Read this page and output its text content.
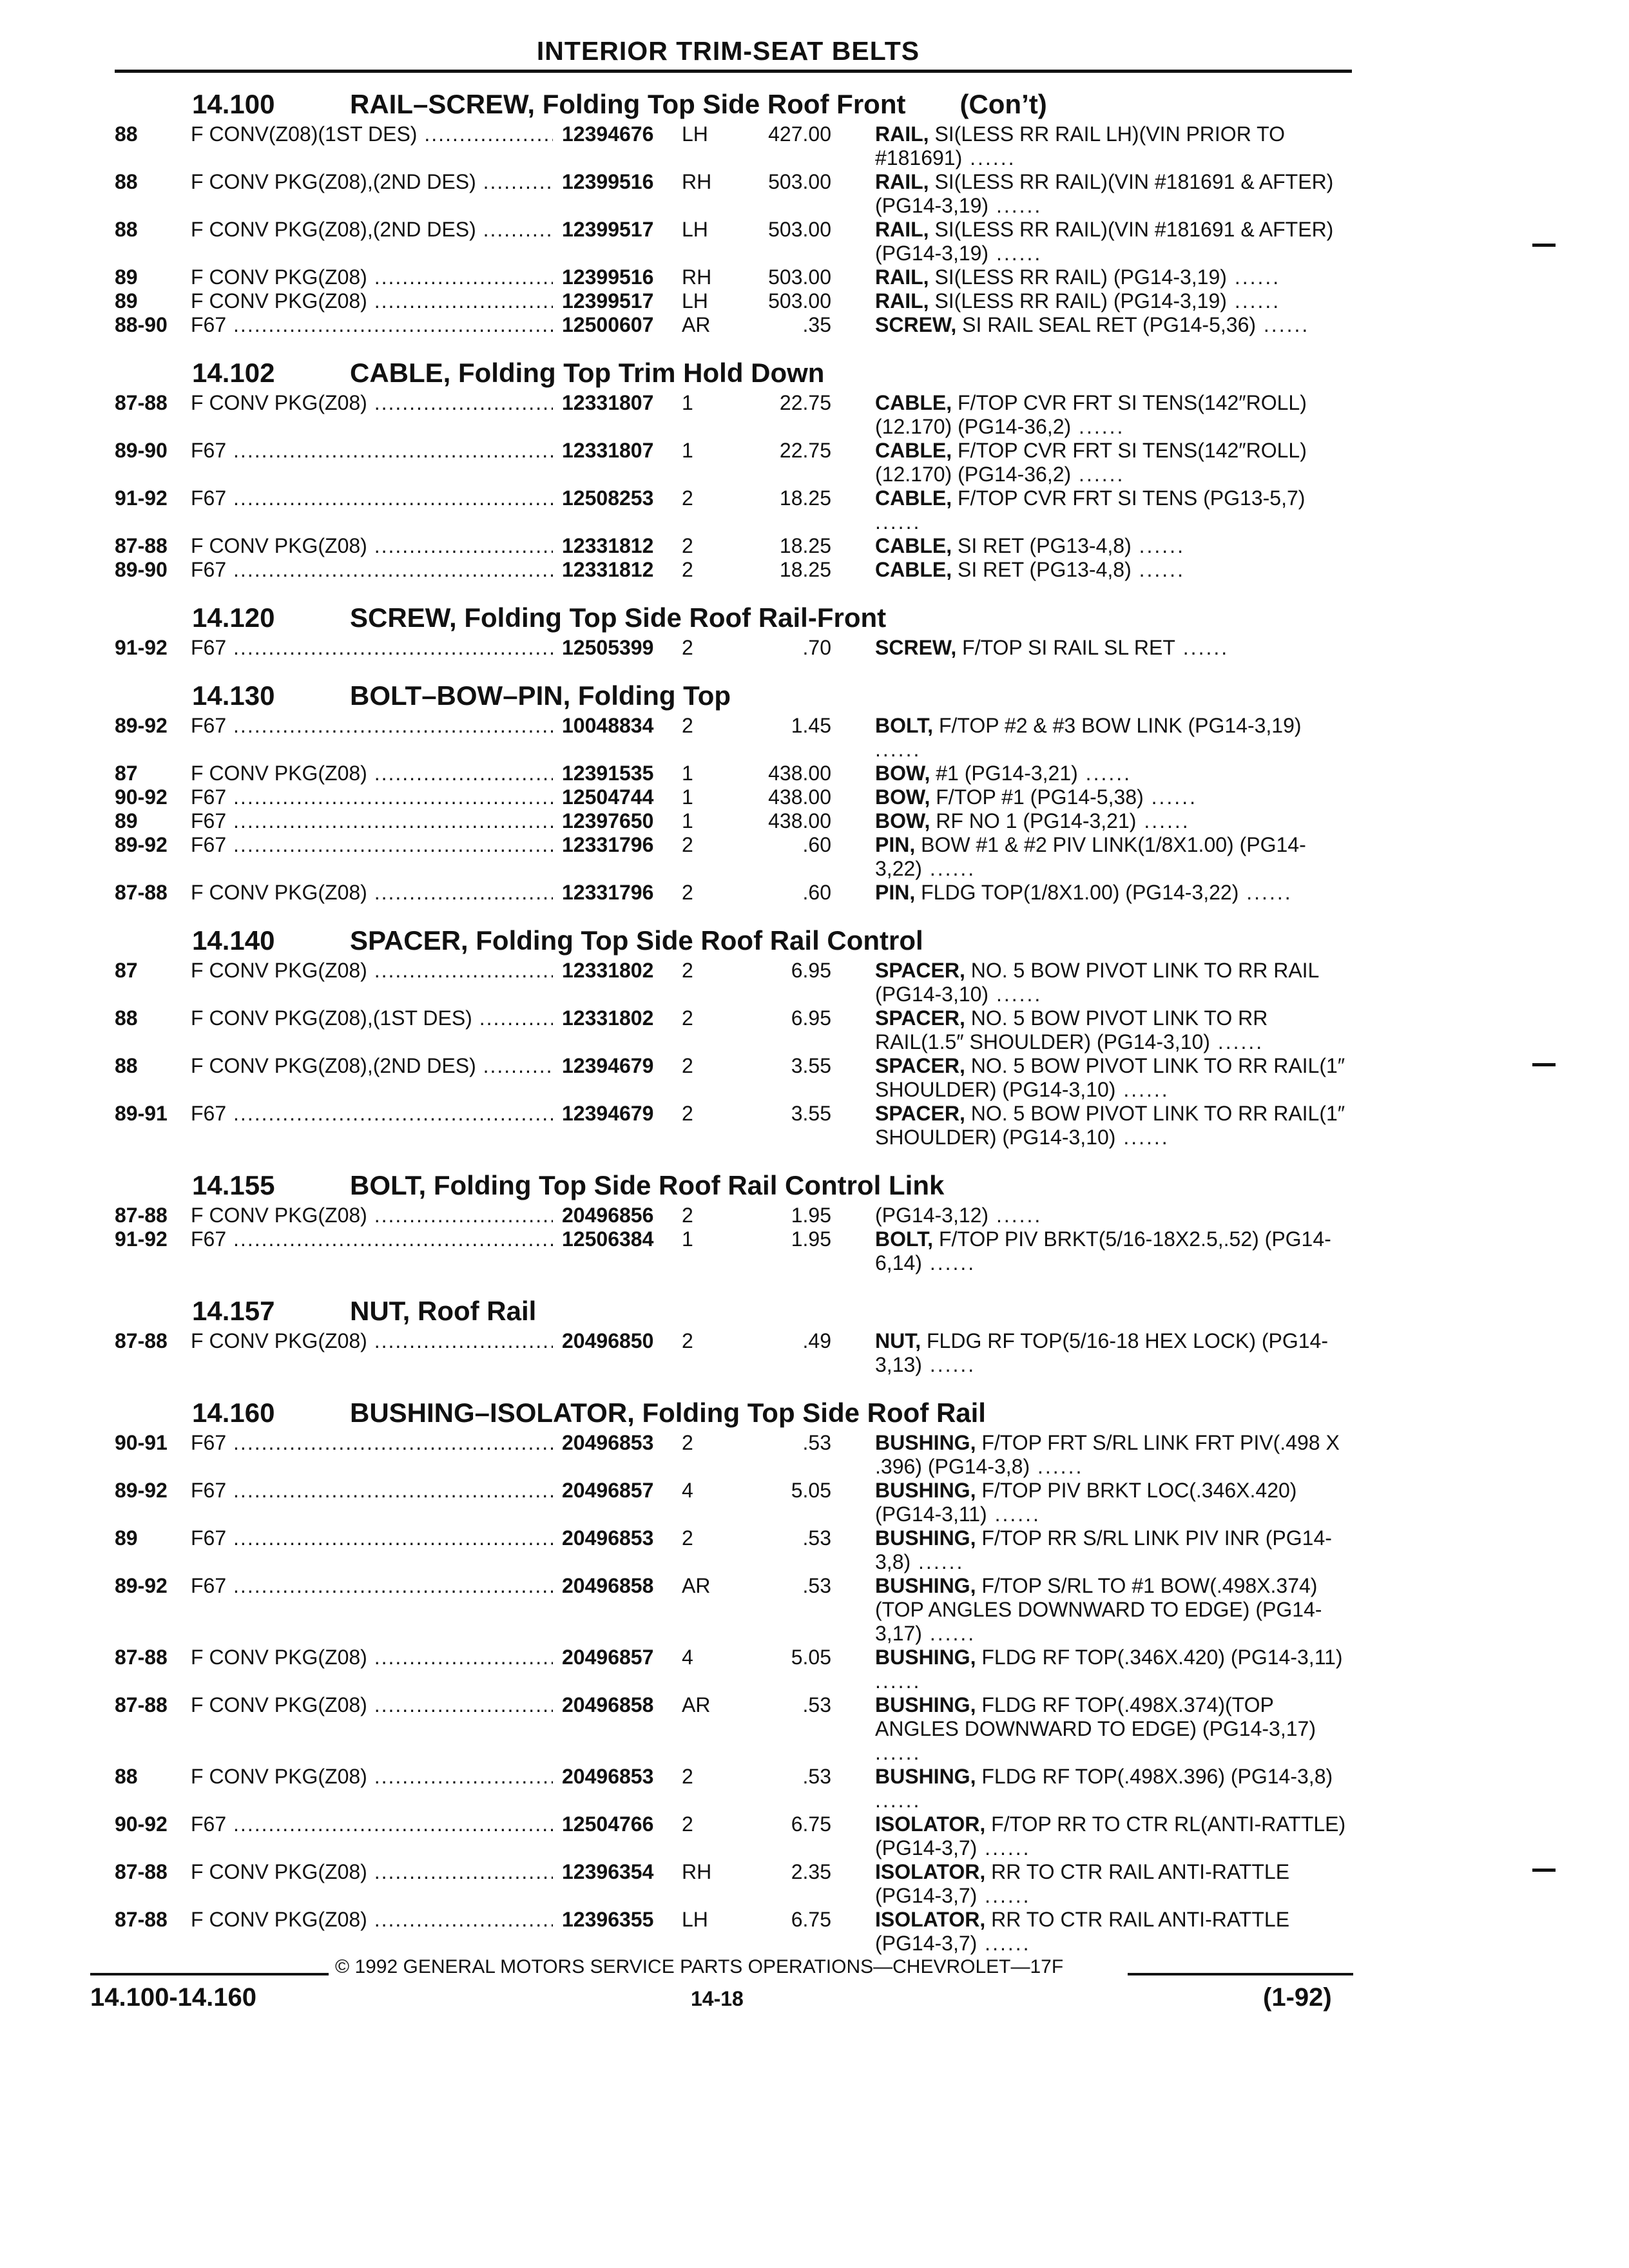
INTERIOR TRIM-SEAT BELTS
14.100	RAIL–SCREW, Folding Top Side Roof Front  (Con’t)
88	F CONV(Z08)(1ST DES) .....	12394676	LH	427.00 RAIL, SI(LESS RR RAIL LH)(VIN PRIOR TO #181691) ......
88	F CONV PKG(Z08),(2ND DES) .....	12399516	RH	503.00 RAIL, SI(LESS RR RAIL)(VIN #181691 & AFTER) (PG14-3,19) ......
88	F CONV PKG(Z08),(2ND DES) .....	12399517	LH	503.00 RAIL, SI(LESS RR RAIL)(VIN #181691 & AFTER) (PG14-3,19) ......
89	F CONV PKG(Z08) .....	12399516	RH	503.00 RAIL, SI(LESS RR RAIL) (PG14-3,19) ......
89	F CONV PKG(Z08) .....	12399517	LH	503.00 RAIL, SI(LESS RR RAIL) (PG14-3,19) ......
88-90 F67 .....	12500607	AR	.35 SCREW, SI RAIL SEAL RET (PG14-5,36) ......
14.102	CABLE, Folding Top Trim Hold Down
87-88 F CONV PKG(Z08) .....	12331807	1	22.75 CABLE, F/TOP CVR FRT SI TENS(142″ROLL)(12.170) (PG14-36,2) ......
89-90 F67 .....	12331807	1	22.75 CABLE, F/TOP CVR FRT SI TENS(142″ROLL)(12.170) (PG14-36,2) ......
91-92 F67 .....	12508253	2	18.25 CABLE, F/TOP CVR FRT SI TENS (PG13-5,7) ......
87-88 F CONV PKG(Z08) .....	12331812	2	18.25 CABLE, SI RET (PG13-4,8) ......
89-90 F67 .....	12331812	2	18.25 CABLE, SI RET (PG13-4,8) ......
14.120	SCREW, Folding Top Side Roof Rail-Front
91-92 F67 .....	12505399	2	.70 SCREW, F/TOP SI RAIL SL RET ......
14.130	BOLT–BOW–PIN, Folding Top
89-92 F67 .....	10048834	2	1.45 BOLT, F/TOP #2 & #3 BOW LINK (PG14-3,19) ......
87	F CONV PKG(Z08) .....	12391535	1	438.00 BOW, #1 (PG14-3,21) ......
90-92 F67 .....	12504744	1	438.00 BOW, F/TOP #1 (PG14-5,38) ......
89	F67 .....	12397650	1	438.00 BOW, RF NO 1 (PG14-3,21) ......
89-92 F67 .....	12331796	2	.60 PIN, BOW #1 & #2 PIV LINK(1/8X1.00) (PG14-3,22) ......
87-88 F CONV PKG(Z08) .....	12331796	2	.60 PIN, FLDG TOP(1/8X1.00) (PG14-3,22) ......
14.140	SPACER, Folding Top Side Roof Rail Control
87	F CONV PKG(Z08) .....	12331802	2	6.95 SPACER, NO. 5 BOW PIVOT LINK TO RR RAIL (PG14-3,10) ......
88	F CONV PKG(Z08),(1ST DES) .....	12331802	2	6.95 SPACER, NO. 5 BOW PIVOT LINK TO RR RAIL(1.5″ SHOULDER) (PG14-3,10) ......
88	F CONV PKG(Z08),(2ND DES) .....	12394679	2	3.55 SPACER, NO. 5 BOW PIVOT LINK TO RR RAIL(1″ SHOULDER) (PG14-3,10) ......
89-91 F67 .....	12394679	2	3.55 SPACER, NO. 5 BOW PIVOT LINK TO RR RAIL(1″ SHOULDER) (PG14-3,10) ......
14.155	BOLT, Folding Top Side Roof Rail Control Link
87-88 F CONV PKG(Z08) .....	20496856	2	1.95 (PG14-3,12) ......
91-92 F67 .....	12506384	1	1.95 BOLT, F/TOP PIV BRKT(5/16-18X2.5,.52) (PG14-6,14) ......
14.157	NUT, Roof Rail
87-88 F CONV PKG(Z08) .....	20496850	2	.49 NUT, FLDG RF TOP(5/16-18 HEX LOCK) (PG14-3,13) ......
14.160	BUSHING–ISOLATOR, Folding Top Side Roof Rail
90-91 F67 .....	20496853	2	.53 BUSHING, F/TOP FRT S/RL LINK FRT PIV(.498 X .396) (PG14-3,8) ......
89-92 F67 .....	20496857	4	5.05 BUSHING, F/TOP PIV BRKT LOC(.346X.420) (PG14-3,11) ......
89	F67 .....	20496853	2	.53 BUSHING, F/TOP RR S/RL LINK PIV INR (PG14-3,8) ......
89-92 F67 .....	20496858	AR	.53 BUSHING, F/TOP S/RL TO #1 BOW(.498X.374)(TOP ANGLES DOWNWARD TO EDGE) (PG14-3,17) ......
87-88 F CONV PKG(Z08) .....	20496857	4	5.05 BUSHING, FLDG RF TOP(.346X.420) (PG14-3,11) ......
87-88 F CONV PKG(Z08) .....	20496858	AR	.53 BUSHING, FLDG RF TOP(.498X.374)(TOP ANGLES DOWNWARD TO EDGE) (PG14-3,17) ......
88	F CONV PKG(Z08) .....	20496853	2	.53 BUSHING, FLDG RF TOP(.498X.396) (PG14-3,8) ......
90-92 F67 .....	12504766	2	6.75 ISOLATOR, F/TOP RR TO CTR RL(ANTI-RATTLE) (PG14-3,7) ......
87-88 F CONV PKG(Z08) .....	12396354	RH	2.35 ISOLATOR, RR TO CTR RAIL ANTI-RATTLE (PG14-3,7) ......
87-88 F CONV PKG(Z08) .....	12396355	LH	6.75 ISOLATOR, RR TO CTR RAIL ANTI-RATTLE (PG14-3,7) ......
© 1992 GENERAL MOTORS SERVICE PARTS OPERATIONS—CHEVROLET—17F
14.100-14.160	14-18	(1-92)
